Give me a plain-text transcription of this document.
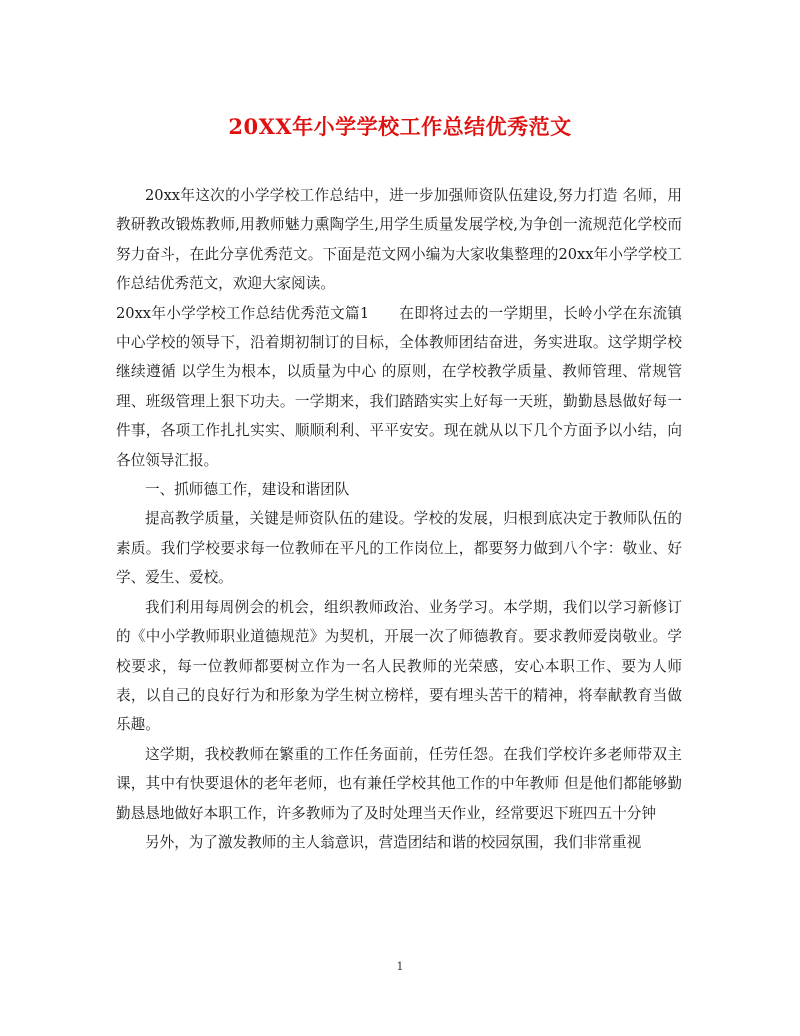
20XX年小学学校工作总结优秀范文

20xx年这次的小学学校工作总结中，进一步加强师资队伍建设,努力打造 名师，用教研教改锻炼教师,用教师魅力熏陶学生,用学生质量发展学校,为争创一流规范化学校而努力奋斗，在此分享优秀范文。下面是范文网小编为大家收集整理的20xx年小学学校工作总结优秀范文，欢迎大家阅读。

20xx年小学学校工作总结优秀范文篇1　　在即将过去的一学期里，长岭小学在东流镇中心学校的领导下，沿着期初制订的目标，全体教师团结奋进，务实进取。这学期学校继续遵循 以学生为根本，以质量为中心 的原则，在学校教学质量、教师管理、常规管理、班级管理上狠下功夫。一学期来，我们踏踏实实上好每一天班，勤勤恳恳做好每一件事，各项工作扎扎实实、顺顺利利、平平安安。现在就从以下几个方面予以小结，向各位领导汇报。

一、抓师德工作，建设和谐团队

提高教学质量，关键是师资队伍的建设。学校的发展，归根到底决定于教师队伍的素质。我们学校要求每一位教师在平凡的工作岗位上，都要努力做到八个字：敬业、好学、爱生、爱校。

我们利用每周例会的机会，组织教师政治、业务学习。本学期，我们以学习新修订的《中小学教师职业道德规范》为契机，开展一次了师德教育。要求教师爱岗敬业。学校要求，每一位教师都要树立作为一名人民教师的光荣感，安心本职工作、要为人师表，以自己的良好行为和形象为学生树立榜样，要有埋头苦干的精神，将奉献教育当做乐趣。

这学期，我校教师在繁重的工作任务面前，任劳任怨。在我们学校许多老师带双主课，其中有快要退休的老年老师，也有兼任学校其他工作的中年教师 但是他们都能够勤勤恳恳地做好本职工作，许多教师为了及时处理当天作业，经常要迟下班四五十分钟

另外，为了激发教师的主人翁意识，营造团结和谐的校园氛围，我们非常重视

1
